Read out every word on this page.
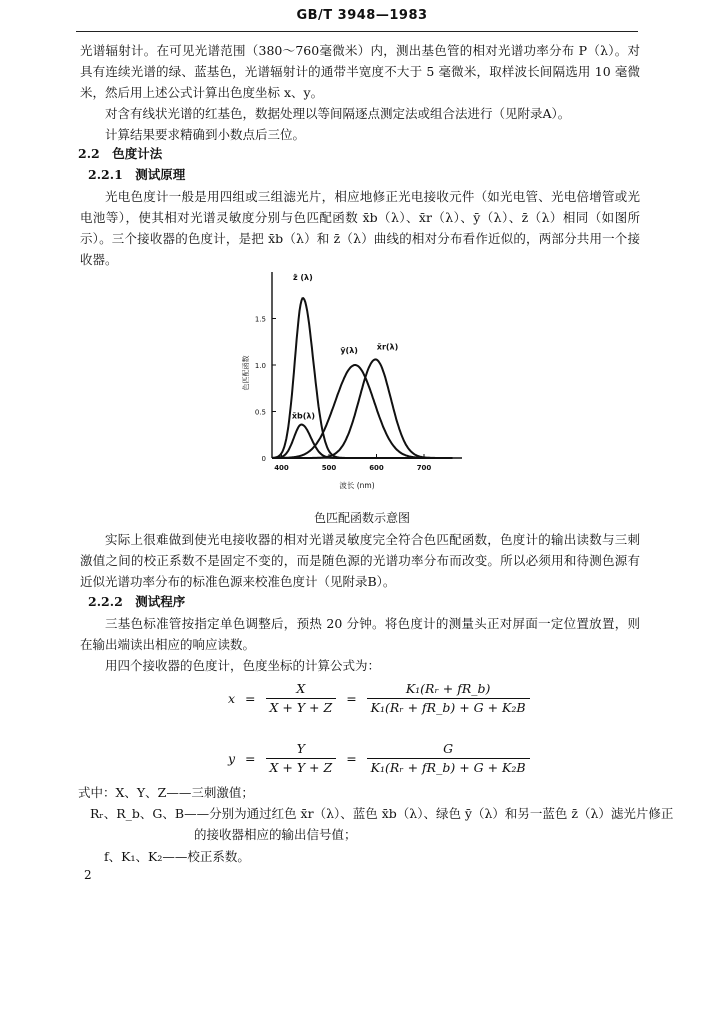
GB/T 3948—1983

光谱辐射计。在可见光谱范围（380～760毫微米）内，测出基色管的相对光谱功率分布 P（λ）。对具有连续光谱的绿、蓝基色，光谱辐射计的通带半宽度不大于 5 毫微米，取样波长间隔选用 10 毫微米，然后用上述公式计算出色度坐标 x、y。

对含有线状光谱的红基色，数据处理以等间隔逐点测定法或组合法进行（见附录A）。

计算结果要求精确到小数点后三位。

2.2　色度计法
2.2.1　测试原理

光电色度计一般是用四组或三组滤光片，相应地修正光电接收元件（如光电管、光电倍增管或光电池等），使其相对光谱灵敏度分别与色匹配函数 x̄b（λ）、x̄r（λ）、ȳ（λ）、z̄（λ）相同（如图所示）。三个接收器的色度计，是把 x̄b（λ）和 z̄（λ）曲线的相对分布看作近似的，两部分共用一个接收器。

0.5
1.0
1.5
0
400	500	600	700
波长 (nm)
色匹配函数
z̄ (λ)
x̄b(λ)
ȳ(λ) x̄r(λ)
色匹配函数示意图

实际上很难做到使光电接收器的相对光谱灵敏度完全符合色匹配函数，色度计的输出读数与三刺激值之间的校正系数不是固定不变的，而是随色源的光谱功率分布而改变。所以必须用和待测色源有近似光谱功率分布的标准色源来校准色度计（见附录B）。

2.2.2　测试程序

三基色标准管按指定单色调整后，预热 20 分钟。将色度计的测量头正对屏面一定位置放置，则在输出端读出相应的响应读数。

用四个接收器的色度计，色度坐标的计算公式为：

$x = \frac{X}{X + Y + Z} = \frac{\text{K₁(Rᵣ + fR\_b)}}{\text{K₁(Rᵣ + fR\_b) + G + K₂B}}$
$y = \frac{Y}{X + Y + Z} = \frac{G}{\text{K₁(Rᵣ + fR\_b) + G + K₂B}}$
式中：X、Y、Z——三刺激值；
Rᵣ、R_b、G、B——分别为通过红色 x̄r（λ）、蓝色 x̄b（λ）、绿色 ȳ（λ）和另一蓝色 z̄（λ）滤光片修正
的接收器相应的输出信号值；
f、K₁、K₂——校正系数。
2
